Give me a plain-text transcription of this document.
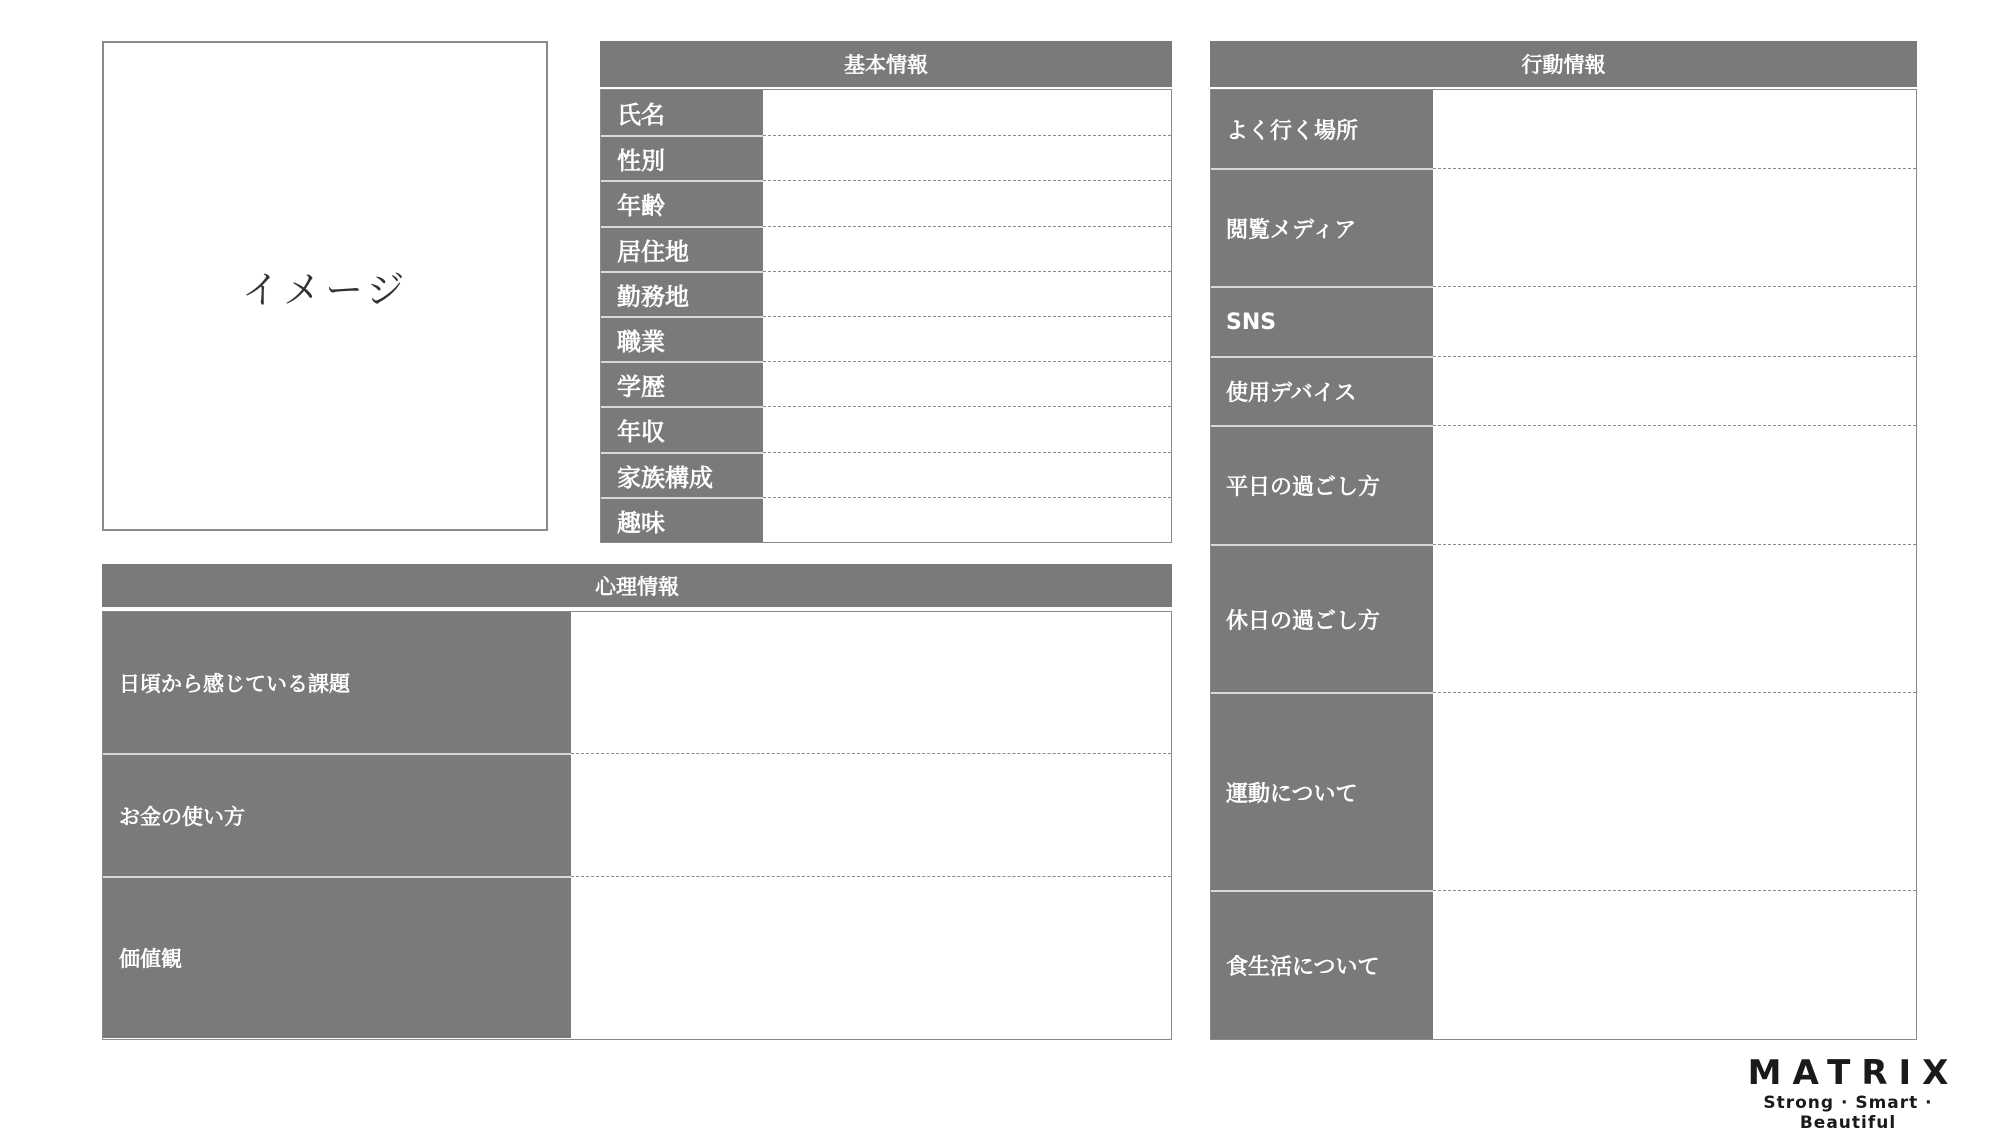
イメージ
基本情報
氏名
性別
年齢
居住地
勤務地
職業
学歴
年収
家族構成
趣味
行動情報
よく行く場所
閲覧メディア
SNS
使用デバイス
平日の過ごし方
休日の過ごし方
運動について
食生活について
心理情報
日頃から感じている課題
お金の使い方
価値観
MATRIX
Strong · Smart · Beautiful
